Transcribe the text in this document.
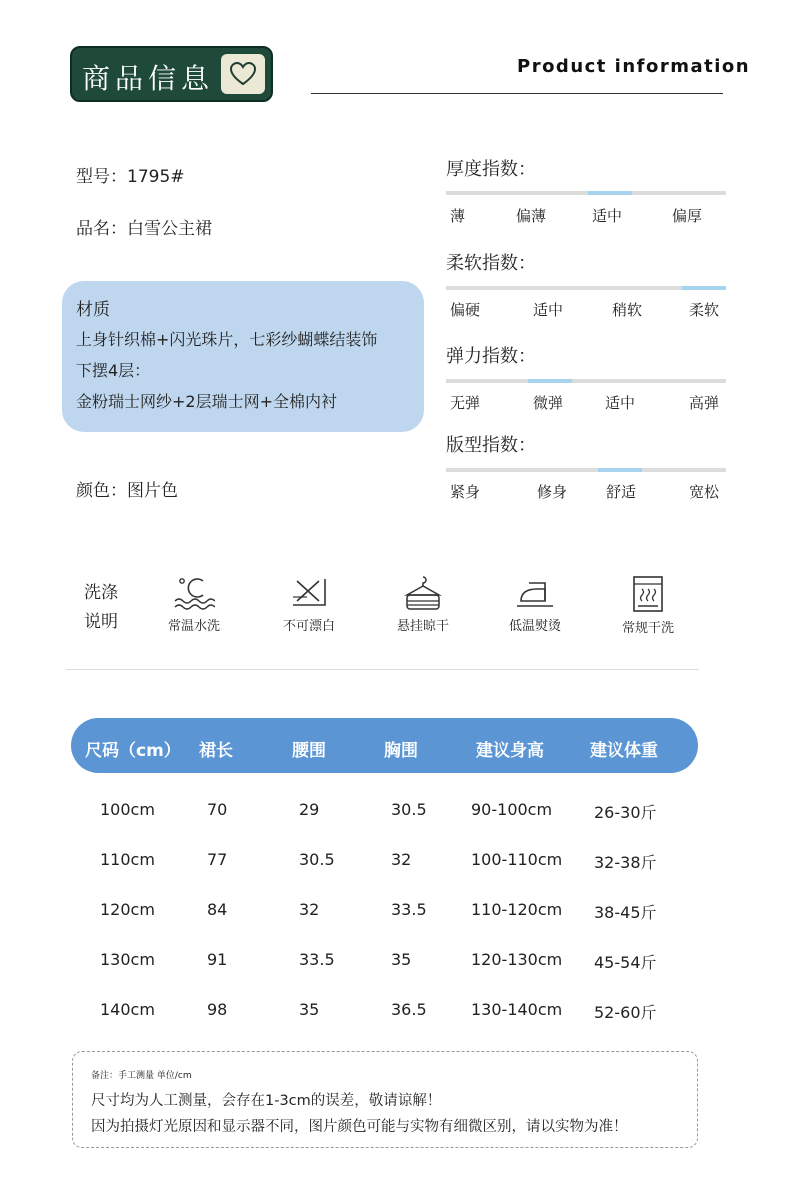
商品信息	Product information
型号：1795#
品名：白雪公主裙
材质
上身针织棉+闪光珠片，七彩纱蝴蝶结装饰
下摆4层：
金粉瑞士网纱+2层瑞士网+全棉内衬
颜色：图片色
厚度指数：
薄	偏薄	适中	偏厚
柔软指数：
偏硬	适中	稍软	柔软
弹力指数：
无弹	微弹	适中	高弹
版型指数：
紧身	修身	舒适	宽松
洗涤
说明	常温水洗	不可漂白	悬挂晾干	低温熨烫	常规干洗
尺码（cm） 裙长	腰围	胸围	建议身高	建议体重
100cm	70	29	30.5	90-100cm	26-30斤
110cm	77	30.5	32	100-110cm 32-38斤
120cm	84	32	33.5	110-120cm 38-45斤
130cm	91	33.5	35	120-130cm 45-54斤
140cm	98	35	36.5	130-140cm 52-60斤
备注：手工测量 单位/cm
尺寸均为人工测量，会存在1-3cm的误差，敬请谅解！
因为拍摄灯光原因和显示器不同，图片颜色可能与实物有细微区别，请以实物为准！
